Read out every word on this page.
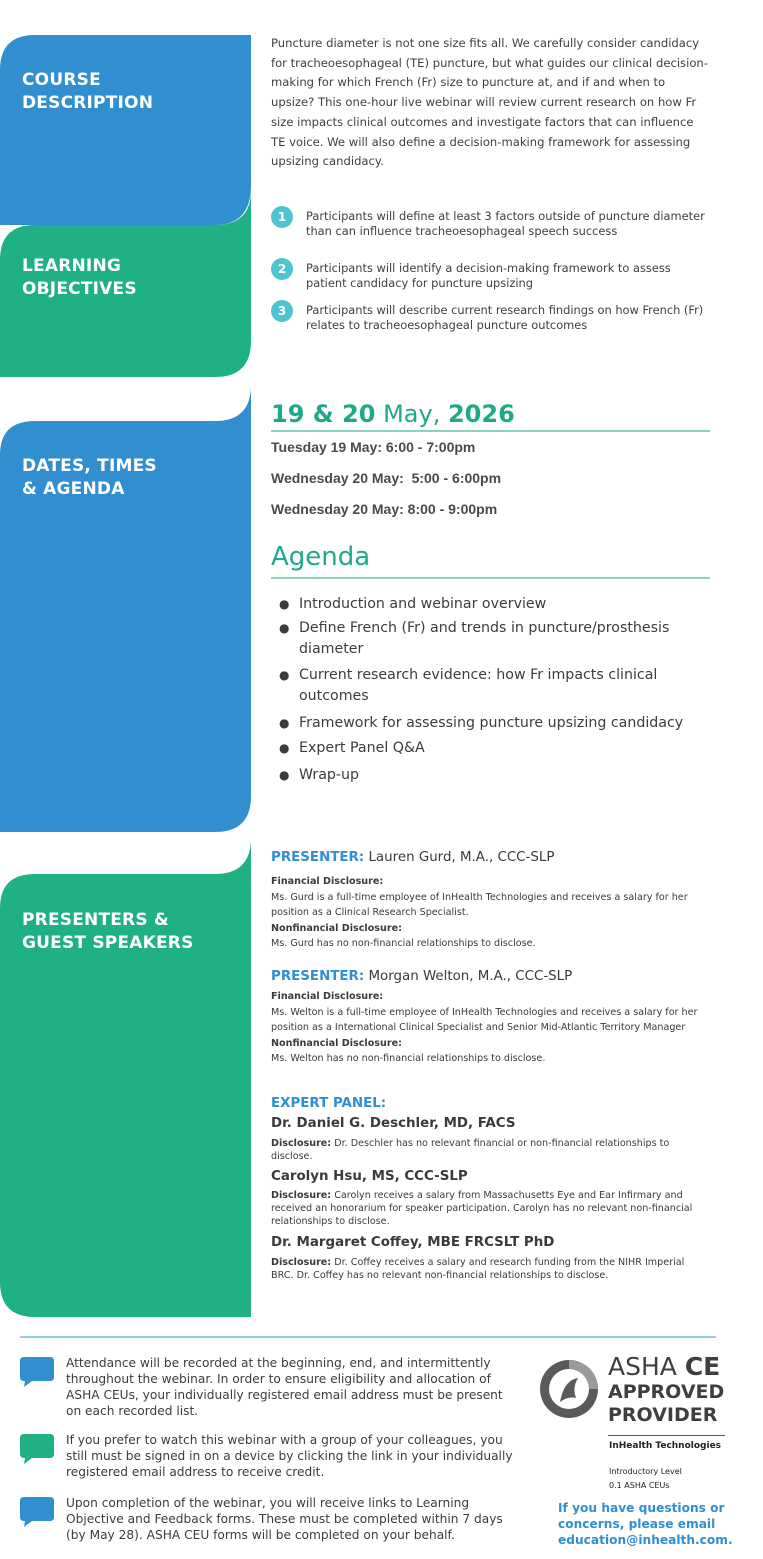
COURSE
DESCRIPTION
LEARNING
OBJECTIVES
DATES, TIMES
& AGENDA
PRESENTERS &
GUEST SPEAKERS
Puncture diameter is not one size fits all. We carefully consider candidacy for tracheoesophageal (TE) puncture, but what guides our clinical decision-making for which French (Fr) size to puncture at, and if and when to upsize? This one-hour live webinar will review current research on how Fr size impacts clinical outcomes and investigate factors that can influence TE voice. We will also define a decision-making framework for assessing upsizing candidacy.
1	Participants will define at least 3 factors outside of puncture diameter than can influence tracheoesophageal speech success
2	Participants will identify a decision-making framework to assess patient candidacy for puncture upsizing
3	Participants will describe current research findings on how French (Fr) relates to tracheoesophageal puncture outcomes
19 & 20 May, 2026
Tuesday 19 May: 6:00 - 7:00pm
Wednesday 20 May:  5:00 - 6:00pm
Wednesday 20 May: 8:00 - 9:00pm
Agenda
● Introduction and webinar overview
● Define French (Fr) and trends in puncture/prosthesis diameter
● Current research evidence: how Fr impacts clinical outcomes
● Framework for assessing puncture upsizing candidacy
● Expert Panel Q&A
● Wrap-up
PRESENTER: Lauren Gurd, M.A., CCC-SLP
Financial Disclosure:
Ms. Gurd is a full-time employee of InHealth Technologies and receives a salary for her position as a Clinical Research Specialist.
Nonfinancial Disclosure:
Ms. Gurd has no non-financial relationships to disclose.
PRESENTER: Morgan Welton, M.A., CCC-SLP
Financial Disclosure:
Ms. Welton is a full-time employee of InHealth Technologies and receives a salary for her position as a International Clinical Specialist and Senior Mid-Atlantic Territory Manager
Nonfinancial Disclosure:
Ms. Welton has no non-financial relationships to disclose.
EXPERT PANEL:
Dr. Daniel G. Deschler, MD, FACS
Disclosure: Dr. Deschler has no relevant financial or non-financial relationships to disclose.
Carolyn Hsu, MS, CCC-SLP
Disclosure: Carolyn receives a salary from Massachusetts Eye and Ear Infirmary and received an honorarium for speaker participation. Carolyn has no relevant non-financial relationships to disclose.
Dr. Margaret Coffey, MBE FRCSLT PhD
Disclosure: Dr. Coffey receives a salary and research funding from the NIHR Imperial BRC. Dr. Coffey has no relevant non-financial relationships to disclose.
Attendance will be recorded at the beginning, end, and intermittently throughout the webinar. In order to ensure eligibility and allocation of ASHA CEUs, your individually registered email address must be present on each recorded list.
If you prefer to watch this webinar with a group of your colleagues, you still must be signed in on a device by clicking the link in your individually registered email address to receive credit.
Upon completion of the webinar, you will receive links to Learning Objective and Feedback forms. These must be completed within 7 days (by May 28). ASHA CEU forms will be completed on your behalf.
ASHA CE
APPROVED
PROVIDER
InHealth Technologies
Introductory Level
0.1 ASHA CEUs
If you have questions or concerns, please email education@inhealth.com.
